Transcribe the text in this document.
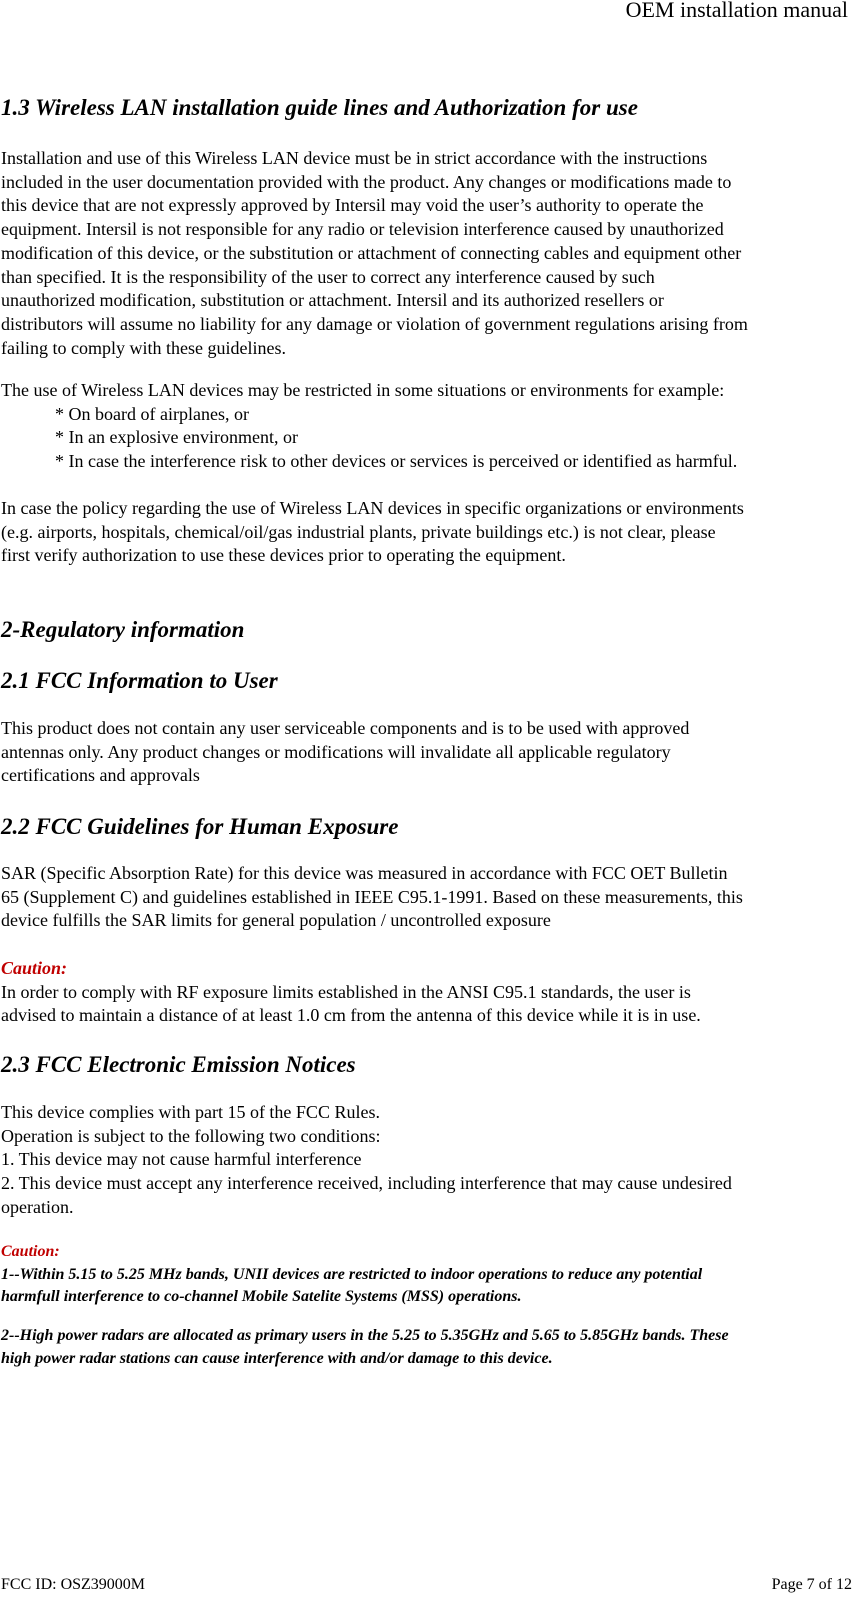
OEM installation manual
1.3 Wireless LAN installation guide lines and Authorization for use
Installation and use of this Wireless LAN device must be in strict accordance with the instructions
included in the user documentation provided with the product. Any changes or modifications made to
this device that are not expressly approved by Intersil may void the user’s authority to operate the
equipment. Intersil is not responsible for any radio or television interference caused by unauthorized
modification of this device, or the substitution or attachment of connecting cables and equipment other
than specified. It is the responsibility of the user to correct any interference caused by such
unauthorized modification, substitution or attachment. Intersil and its authorized resellers or
distributors will assume no liability for any damage or violation of government regulations arising from
failing to comply with these guidelines.
The use of Wireless LAN devices may be restricted in some situations or environments for example:
* On board of airplanes, or
* In an explosive environment, or
* In case the interference risk to other devices or services is perceived or identified as harmful.
In case the policy regarding the use of Wireless LAN devices in specific organizations or environments
(e.g. airports, hospitals, chemical/oil/gas industrial plants, private buildings etc.) is not clear, please
first verify authorization to use these devices prior to operating the equipment.
2-Regulatory information
2.1 FCC Information to User
This product does not contain any user serviceable components and is to be used with approved
antennas only. Any product changes or modifications will invalidate all applicable regulatory
certifications and approvals
2.2 FCC Guidelines for Human Exposure
SAR (Specific Absorption Rate) for this device was measured in accordance with FCC OET Bulletin
65 (Supplement C) and guidelines established in IEEE C95.1-1991. Based on these measurements, this
device fulfills the SAR limits for general population / uncontrolled exposure
Caution:
In order to comply with RF exposure limits established in the ANSI C95.1 standards, the user is
advised to maintain a distance of at least 1.0 cm from the antenna of this device while it is in use.
2.3 FCC Electronic Emission Notices
This device complies with part 15 of the FCC Rules.
Operation is subject to the following two conditions:
1. This device may not cause harmful interference
2. This device must accept any interference received, including interference that may cause undesired
operation.
Caution:
1--Within 5.15 to 5.25 MHz bands, UNII devices are restricted to indoor operations to reduce any potential
harmfull interference to co-channel Mobile Satelite Systems (MSS) operations.
2--High power radars are allocated as primary users in the 5.25 to 5.35GHz and 5.65 to 5.85GHz bands. These
high power radar stations can cause interference with and/or damage to this device.
FCC ID: OSZ39000M	Page 7 of 12
